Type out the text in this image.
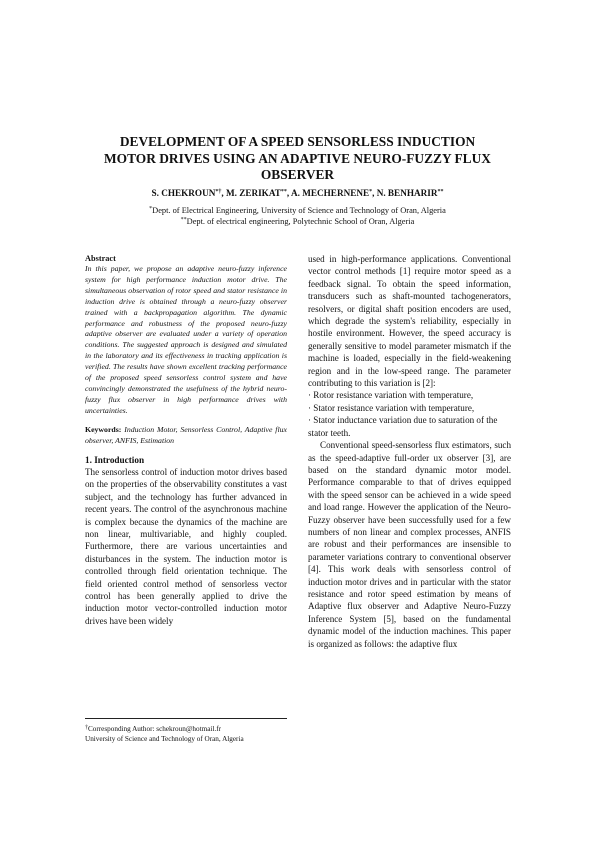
DEVELOPMENT OF A SPEED SENSORLESS INDUCTION
MOTOR DRIVES USING AN ADAPTIVE NEURO-FUZZY FLUX
OBSERVER
S. CHEKROUN*†, M. ZERIKAT**, A. MECHERNENE*, N. BENHARIR**
*Dept. of Electrical Engineering, University of Science and Technology of Oran, Algeria
**Dept. of electrical engineering, Polytechnic School of Oran, Algeria
Abstract
In this paper, we propose an adaptive neuro-fuzzy inference system for high performance induction motor drive. The simultaneous observation of rotor speed and stator resistance in induction drive is obtained through a neuro-fuzzy observer trained with a backpropagation algorithm. The dynamic performance and robustness of the proposed neuro-fuzzy adaptive observer are evaluated under a variety of operation conditions. The suggested approach is designed and simulated in the laboratory and its effectiveness in tracking application is verified. The results have shown excellent tracking performance of the proposed speed sensorless control system and have convincingly demonstrated the usefulness of the hybrid neuro-fuzzy flux observer in high performance drives with uncertainties.
Keywords: Induction Motor, Sensorless Control, Adaptive flux observer, ANFIS, Estimation
1. Introduction
The sensorless control of induction motor drives based on the properties of the observability constitutes a vast subject, and the technology has further advanced in recent years. The control of the asynchronous machine is complex because the dynamics of the machine are non linear, multivariable, and highly coupled. Furthermore, there are various uncertainties and disturbances in the system. The induction motor is controlled through field orientation technique. The field oriented control method of sensorless vector control has been generally applied to drive the induction motor vector-controlled induction motor drives have been widely
†Corresponding Author: schekroun@hotmail.fr
University of Science and Technology of Oran, Algeria
used in high-performance applications. Conventional vector control methods [1] require motor speed as a feedback signal. To obtain the speed information, transducers such as shaft-mounted tachogenerators, resolvers, or digital shaft position encoders are used, which degrade the system's reliability, especially in hostile environment. However, the speed accuracy is generally sensitive to model parameter mismatch if the machine is loaded, especially in the field-weakening region and in the low-speed range. The parameter contributing to this variation is [2]:
· Rotor resistance variation with temperature,
· Stator resistance variation with temperature,
· Stator inductance variation due to saturation of the stator teeth.
Conventional speed-sensorless flux estimators, such as the speed-adaptive full-order ux observer [3], are based on the standard dynamic motor model. Performance comparable to that of drives equipped with the speed sensor can be achieved in a wide speed and load range. However the application of the Neuro-Fuzzy observer have been successfully used for a few numbers of non linear and complex processes, ANFIS are robust and their performances are insensible to parameter variations contrary to conventional observer [4]. This work deals with sensorless control of induction motor drives and in particular with the stator resistance and rotor speed estimation by means of Adaptive flux observer and Adaptive Neuro-Fuzzy Inference System [5], based on the fundamental dynamic model of the induction machines. This paper is organized as follows: the adaptive flux
